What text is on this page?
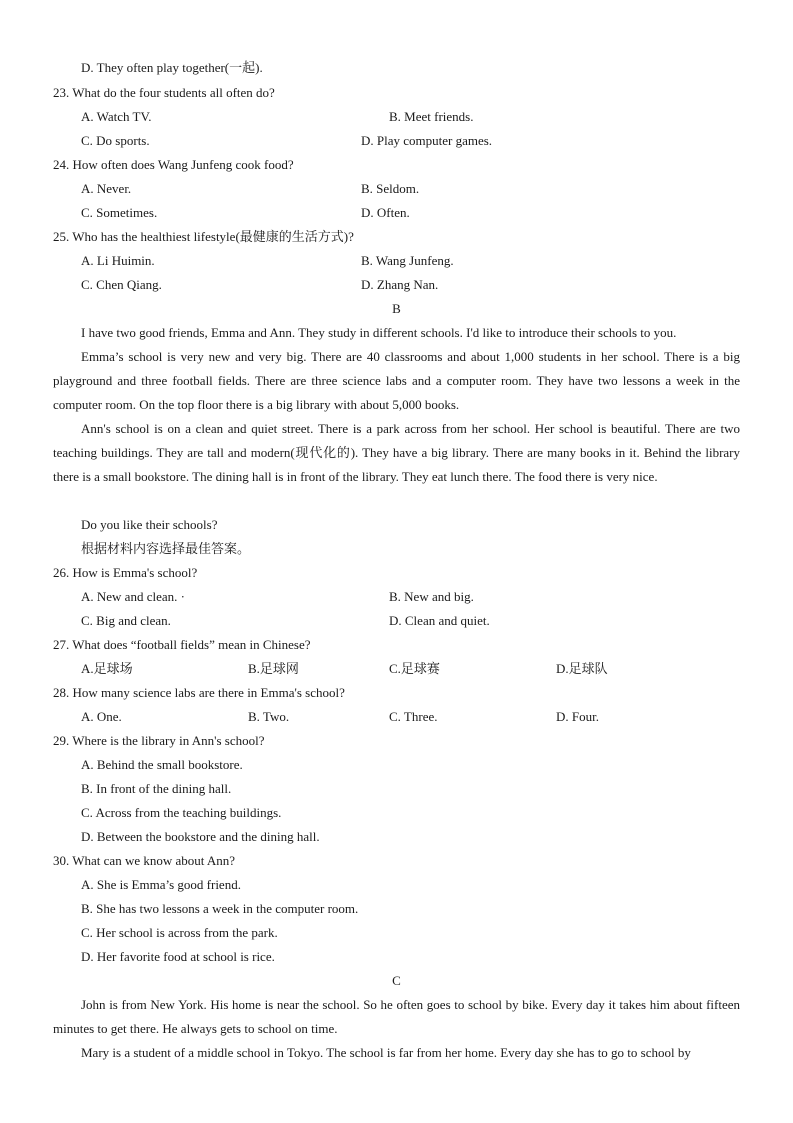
D. They often play together(一起).
23. What do the four students all often do?
A. Watch TV.	B. Meet friends.
C. Do sports.	D. Play computer games.
24. How often does Wang Junfeng cook food?
A. Never.	B. Seldom.
C. Sometimes.	D. Often.
25. Who has the healthiest lifestyle(最健康的生活方式)?
A. Li Huimin.	B. Wang Junfeng.
C. Chen Qiang.	D. Zhang Nan.
B
I have two good friends, Emma and Ann. They study in different schools. I'd like to introduce their schools to you.
Emma’s school is very new and very big. There are 40 classrooms and about 1,000 students in her school. There is a big playground and three football fields. There are three science labs and a computer room. They have two lessons a week in the computer room. On the top floor there is a big library with about 5,000 books.
Ann's school is on a clean and quiet street. There is a park across from her school. Her school is beautiful. There are two teaching buildings. They are tall and modern(现代化的). They have a big library. There are many books in it. Behind the library there is a small bookstore. The dining hall is in front of the library. They eat lunch there. The food there is very nice.
Do you like their schools?
根据材料内容选择最佳答案。
26. How is Emma's school?
A. New and clean. ·	B. New and big.
C. Big and clean.	D. Clean and quiet.
27. What does “football fields” mean in Chinese?
A.足球场	B.足球网	C.足球赛	D.足球队
28. How many science labs are there in Emma's school?
A. One.	B. Two.	C. Three.	D. Four.
29. Where is the library in Ann's school?
A. Behind the small bookstore.
B. In front of the dining hall.
C. Across from the teaching buildings.
D. Between the bookstore and the dining hall.
30. What can we know about Ann?
A. She is Emma’s good friend.
B. She has two lessons a week in the computer room.
C. Her school is across from the park.
D. Her favorite food at school is rice.
C
John is from New York. His home is near the school. So he often goes to school by bike. Every day it takes him about fifteen minutes to get there. He always gets to school on time.
Mary is a student of a middle school in Tokyo. The school is far from her home. Every day she has to go to school by
